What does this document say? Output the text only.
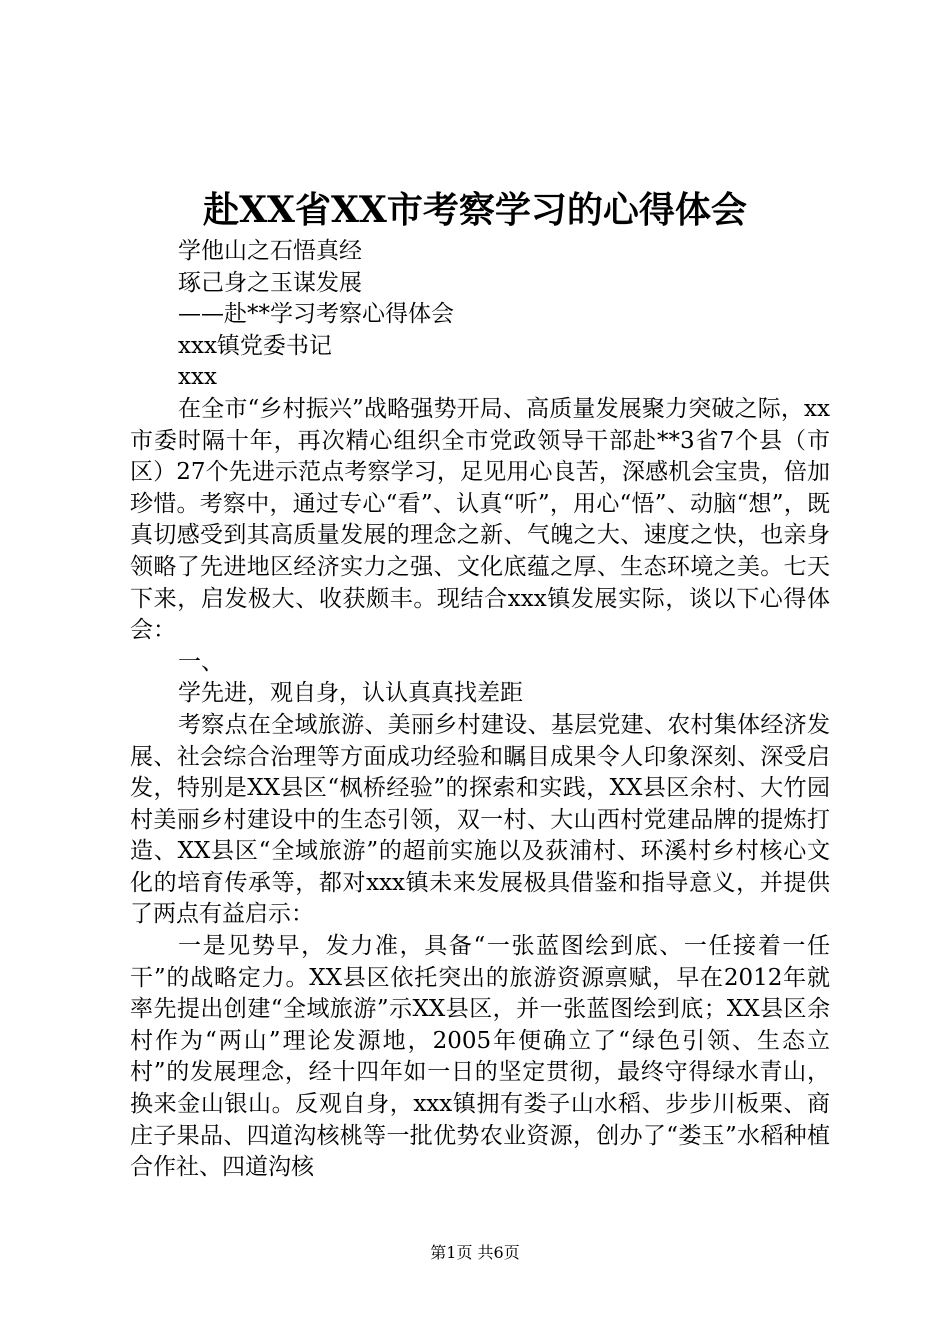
赴XX省XX市考察学习的心得体会

学他山之石悟真经

琢己身之玉谋发展

——赴**学习考察心得体会

xxx镇党委书记

xxx

在全市“乡村振兴”战略强势开局、高质量发展聚力突破之际，xx市委时隔十年，再次精心组织全市党政领导干部赴**3省7个县（市区）27个先进示范点考察学习，足见用心良苦，深感机会宝贵，倍加珍惜。考察中，通过专心“看”、认真“听”，用心“悟”、动脑“想”，既真切感受到其高质量发展的理念之新、气魄之大、速度之快，也亲身领略了先进地区经济实力之强、文化底蕴之厚、生态环境之美。七天下来，启发极大、收获颇丰。现结合xxx镇发展实际，谈以下心得体会：

一、

学先进，观自身，认认真真找差距

考察点在全域旅游、美丽乡村建设、基层党建、农村集体经济发展、社会综合治理等方面成功经验和瞩目成果令人印象深刻、深受启发，特别是XX县区“枫桥经验”的探索和实践，XX县区余村、大竹园村美丽乡村建设中的生态引领，双一村、大山西村党建品牌的提炼打造、XX县区“全域旅游”的超前实施以及荻浦村、环溪村乡村核心文化的培育传承等，都对xxx镇未来发展极具借鉴和指导意义，并提供了两点有益启示：

一是见势早，发力准，具备“一张蓝图绘到底、一任接着一任干”的战略定力。XX县区依托突出的旅游资源禀赋，早在2012年就率先提出创建“全域旅游”示XX县区，并一张蓝图绘到底；XX县区余村作为“两山”理论发源地，2005年便确立了“绿色引领、生态立村”的发展理念，经十四年如一日的坚定贯彻，最终守得绿水青山，换来金山银山。反观自身，xxx镇拥有娄子山水稻、步步川板栗、商庄子果品、四道沟核桃等一批优势农业资源，创办了“娄玉”水稻种植合作社、四道沟核

第1页 共6页
